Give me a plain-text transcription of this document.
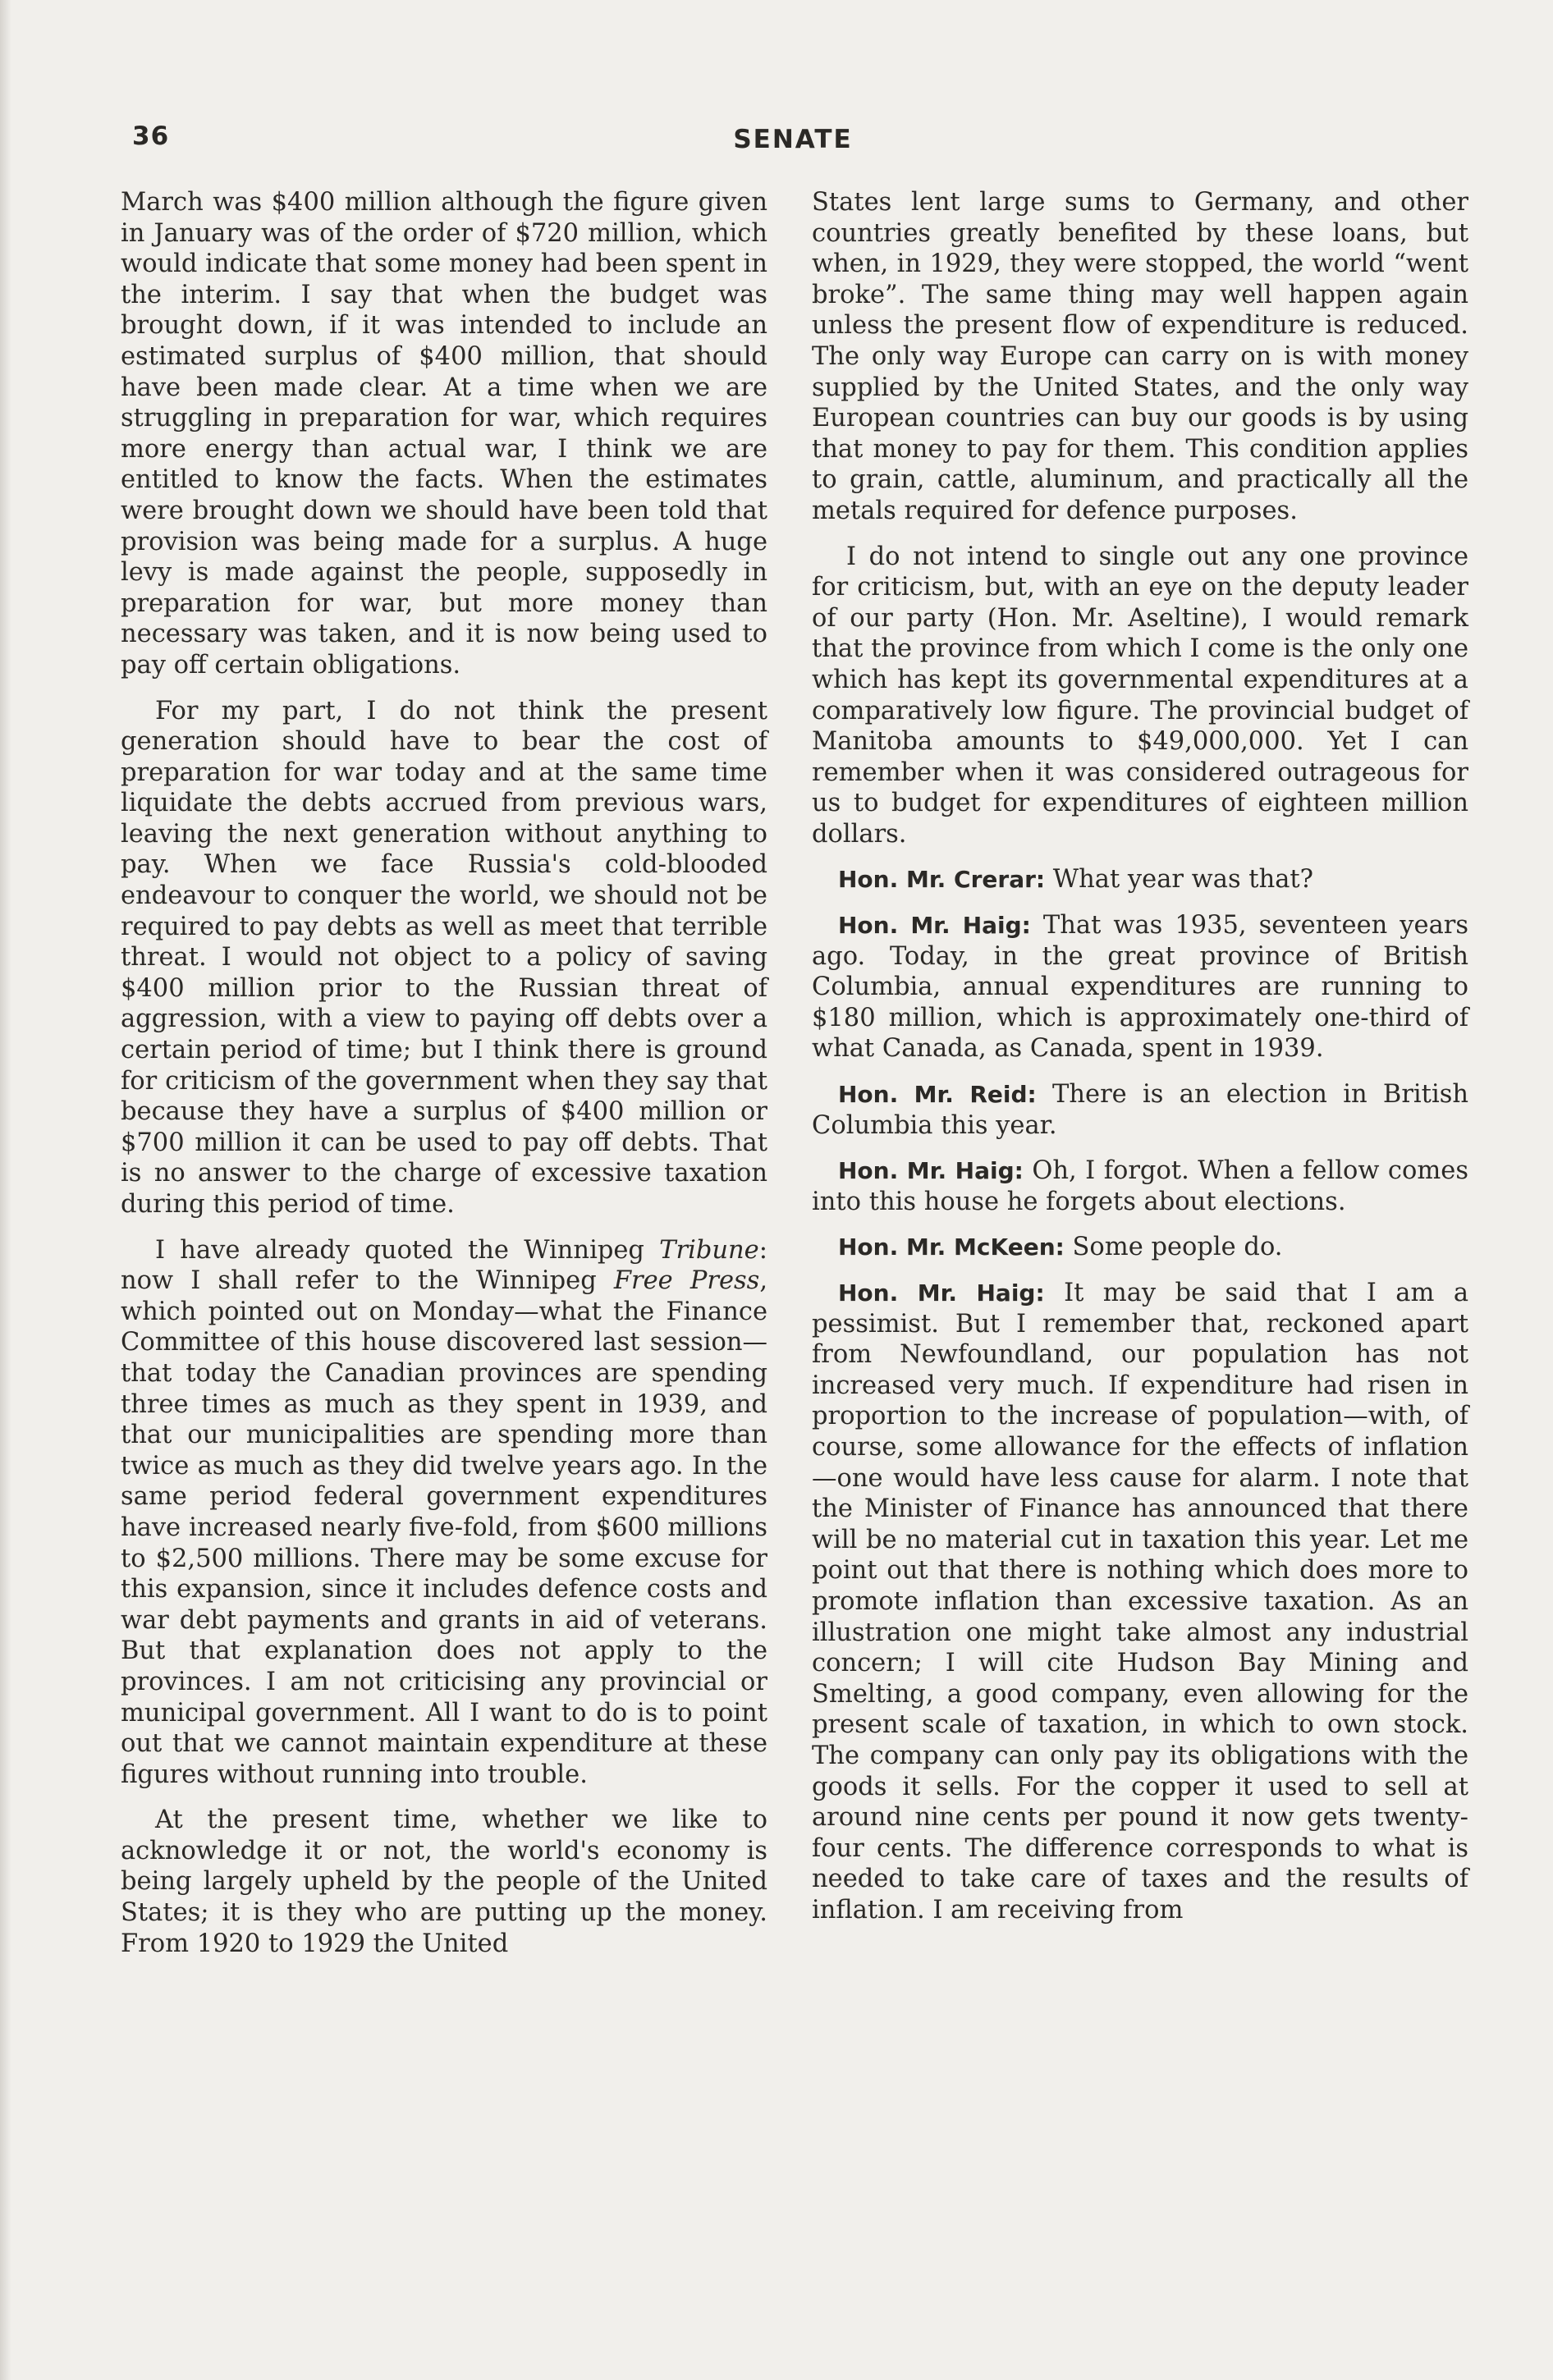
36	SENATE

March was $400 million although the figure given in January was of the order of $720 million, which would indicate that some money had been spent in the interim. I say that when the budget was brought down, if it was intended to include an estimated surplus of $400 million, that should have been made clear. At a time when we are struggling in preparation for war, which requires more energy than actual war, I think we are entitled to know the facts. When the estimates were brought down we should have been told that provision was being made for a surplus. A huge levy is made against the people, supposedly in preparation for war, but more money than necessary was taken, and it is now being used to pay off certain obligations.

For my part, I do not think the present generation should have to bear the cost of preparation for war today and at the same time liquidate the debts accrued from previous wars, leaving the next generation without anything to pay. When we face Russia's cold-blooded endeavour to conquer the world, we should not be required to pay debts as well as meet that terrible threat. I would not object to a policy of saving $400 million prior to the Russian threat of aggression, with a view to paying off debts over a certain period of time; but I think there is ground for criticism of the government when they say that because they have a surplus of $400 million or $700 million it can be used to pay off debts. That is no answer to the charge of excessive taxation during this period of time.

I have already quoted the Winnipeg Tribune: now I shall refer to the Winnipeg Free Press, which pointed out on Monday—what the Finance Committee of this house discovered last session—that today the Canadian provinces are spending three times as much as they spent in 1939, and that our municipalities are spending more than twice as much as they did twelve years ago. In the same period federal government expenditures have increased nearly five-fold, from $600 millions to $2,500 millions. There may be some excuse for this expansion, since it includes defence costs and war debt payments and grants in aid of veterans. But that explanation does not apply to the provinces. I am not criticising any provincial or municipal government. All I want to do is to point out that we cannot maintain expenditure at these figures without running into trouble.

At the present time, whether we like to acknowledge it or not, the world's economy is being largely upheld by the people of the United States; it is they who are putting up the money. From 1920 to 1929 the United

States lent large sums to Germany, and other countries greatly benefited by these loans, but when, in 1929, they were stopped, the world “went broke”. The same thing may well happen again unless the present flow of expenditure is reduced. The only way Europe can carry on is with money supplied by the United States, and the only way European countries can buy our goods is by using that money to pay for them. This condition applies to grain, cattle, aluminum, and practically all the metals required for defence purposes.

I do not intend to single out any one province for criticism, but, with an eye on the deputy leader of our party (Hon. Mr. Aseltine), I would remark that the province from which I come is the only one which has kept its governmental expenditures at a comparatively low figure. The provincial budget of Manitoba amounts to $49,000,000. Yet I can remember when it was considered outrageous for us to budget for expenditures of eighteen million dollars.

Hon. Mr. Crerar: What year was that?

Hon. Mr. Haig: That was 1935, seventeen years ago. Today, in the great province of British Columbia, annual expenditures are running to $180 million, which is approximately one-third of what Canada, as Canada, spent in 1939.

Hon. Mr. Reid: There is an election in British Columbia this year.

Hon. Mr. Haig: Oh, I forgot. When a fellow comes into this house he forgets about elections.

Hon. Mr. McKeen: Some people do.

Hon. Mr. Haig: It may be said that I am a pessimist. But I remember that, reckoned apart from Newfoundland, our population has not increased very much. If expenditure had risen in proportion to the increase of population—with, of course, some allowance for the effects of inflation—one would have less cause for alarm. I note that the Minister of Finance has announced that there will be no material cut in taxation this year. Let me point out that there is nothing which does more to promote inflation than excessive taxation. As an illustration one might take almost any industrial concern; I will cite Hudson Bay Mining and Smelting, a good company, even allowing for the present scale of taxation, in which to own stock. The company can only pay its obligations with the goods it sells. For the copper it used to sell at around nine cents per pound it now gets twenty-four cents. The difference corresponds to what is needed to take care of taxes and the results of inflation. I am receiving from
